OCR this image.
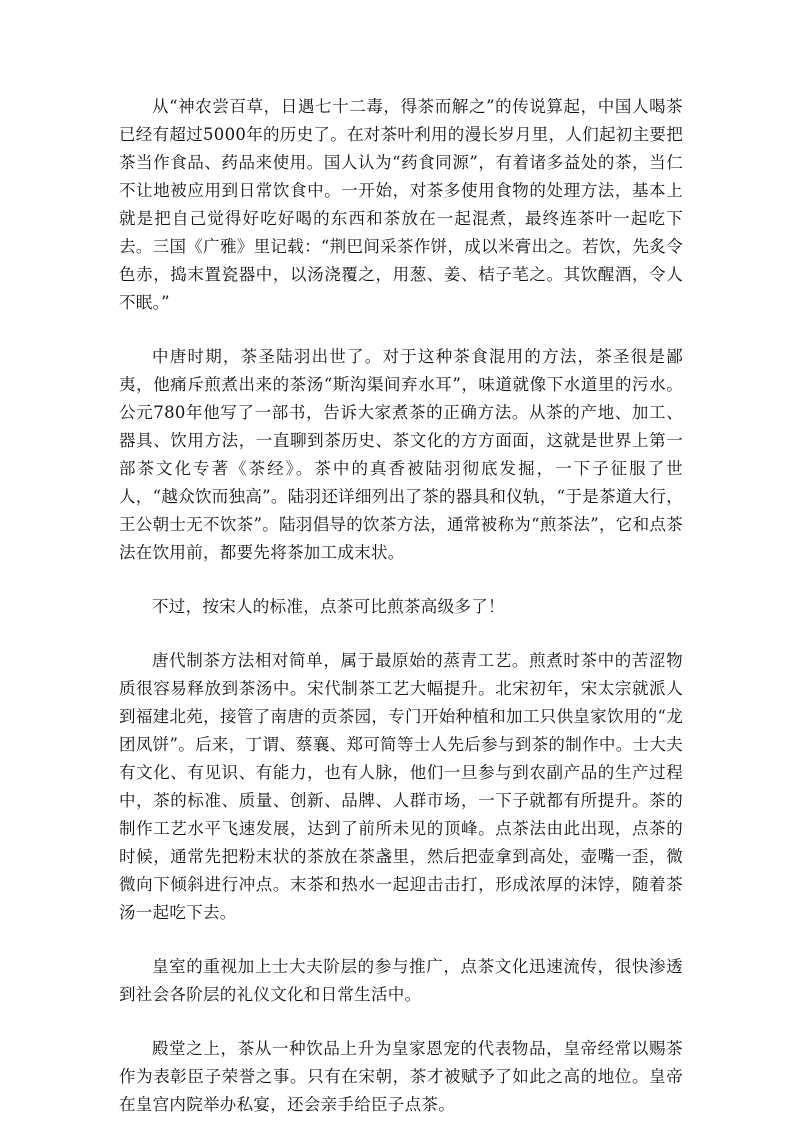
从“神农尝百草，日遇七十二毒，得茶而解之”的传说算起，中国人喝茶已经有超过5000年的历史了。在对茶叶利用的漫长岁月里，人们起初主要把茶当作食品、药品来使用。国人认为“药食同源”，有着诸多益处的茶，当仁不让地被应用到日常饮食中。一开始，对茶多使用食物的处理方法，基本上就是把自己觉得好吃好喝的东西和茶放在一起混煮，最终连茶叶一起吃下去。三国《广雅》里记载：“荆巴间采茶作饼，成以米膏出之。若饮，先炙令色赤，捣末置瓷器中，以汤浇覆之，用葱、姜、桔子芼之。其饮醒酒，令人不眠。”

中唐时期，茶圣陆羽出世了。对于这种茶食混用的方法，茶圣很是鄙夷，他痛斥煎煮出来的茶汤“斯沟渠间弃水耳”，味道就像下水道里的污水。公元780年他写了一部书，告诉大家煮茶的正确方法。从茶的产地、加工、器具、饮用方法，一直聊到茶历史、茶文化的方方面面，这就是世界上第一部茶文化专著《茶经》。茶中的真香被陆羽彻底发掘，一下子征服了世人，“越众饮而独高”。陆羽还详细列出了茶的器具和仪轨，“于是茶道大行，王公朝士无不饮茶”。陆羽倡导的饮茶方法，通常被称为“煎茶法”，它和点茶法在饮用前，都要先将茶加工成末状。

不过，按宋人的标准，点茶可比煎茶高级多了！

唐代制茶方法相对简单，属于最原始的蒸青工艺。煎煮时茶中的苦涩物质很容易释放到茶汤中。宋代制茶工艺大幅提升。北宋初年，宋太宗就派人到福建北苑，接管了南唐的贡茶园，专门开始种植和加工只供皇家饮用的“龙团凤饼”。后来，丁谓、蔡襄、郑可简等士人先后参与到茶的制作中。士大夫有文化、有见识、有能力，也有人脉，他们一旦参与到农副产品的生产过程中，茶的标准、质量、创新、品牌、人群市场，一下子就都有所提升。茶的制作工艺水平飞速发展，达到了前所未见的顶峰。点茶法由此出现，点茶的时候，通常先把粉末状的茶放在茶盏里，然后把壶拿到高处，壶嘴一歪，微微向下倾斜进行冲点。末茶和热水一起迎击击打，形成浓厚的沫饽，随着茶汤一起吃下去。

皇室的重视加上士大夫阶层的参与推广，点茶文化迅速流传，很快渗透到社会各阶层的礼仪文化和日常生活中。

殿堂之上，茶从一种饮品上升为皇家恩宠的代表物品，皇帝经常以赐茶作为表彰臣子荣誉之事。只有在宋朝，茶才被赋予了如此之高的地位。皇帝在皇宫内院举办私宴，还会亲手给臣子点茶。
